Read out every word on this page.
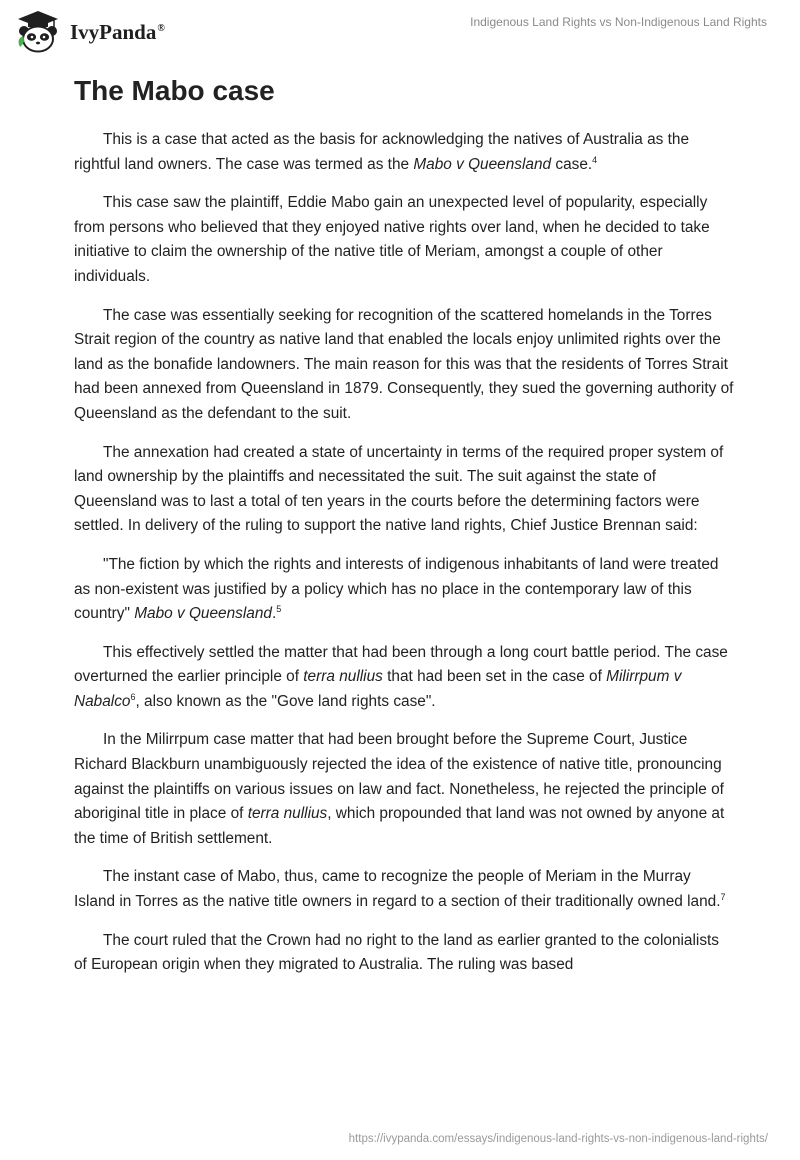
IvyPanda®	Indigenous Land Rights vs Non-Indigenous Land Rights
The Mabo case

This is a case that acted as the basis for acknowledging the natives of Australia as the rightful land owners. The case was termed as the Mabo v Queensland case.$^4$

This case saw the plaintiff, Eddie Mabo gain an unexpected level of popularity, especially from persons who believed that they enjoyed native rights over land, when he decided to take initiative to claim the ownership of the native title of Meriam, amongst a couple of other individuals.

The case was essentially seeking for recognition of the scattered homelands in the Torres Strait region of the country as native land that enabled the locals enjoy unlimited rights over the land as the bonafide landowners. The main reason for this was that the residents of Torres Strait had been annexed from Queensland in 1879. Consequently, they sued the governing authority of Queensland as the defendant to the suit.

The annexation had created a state of uncertainty in terms of the required proper system of land ownership by the plaintiffs and necessitated the suit. The suit against the state of Queensland was to last a total of ten years in the courts before the determining factors were settled. In delivery of the ruling to support the native land rights, Chief Justice Brennan said:

"The fiction by which the rights and interests of indigenous inhabitants of land were treated as non-existent was justified by a policy which has no place in the contemporary law of this country" Mabo v Queensland.$^5$

This effectively settled the matter that had been through a long court battle period. The case overturned the earlier principle of terra nullius that had been set in the case of Milirrpum v Nabalco$^6$, also known as the "Gove land rights case".

In the Milirrpum case matter that had been brought before the Supreme Court, Justice Richard Blackburn unambiguously rejected the idea of the existence of native title, pronouncing against the plaintiffs on various issues on law and fact. Nonetheless, he rejected the principle of aboriginal title in place of terra nullius, which propounded that land was not owned by anyone at the time of British settlement.

The instant case of Mabo, thus, came to recognize the people of Meriam in the Murray Island in Torres as the native title owners in regard to a section of their traditionally owned land.$^7$

The court ruled that the Crown had no right to the land as earlier granted to the colonialists of European origin when they migrated to Australia. The ruling was based

https://ivypanda.com/essays/indigenous-land-rights-vs-non-indigenous-land-rights/
